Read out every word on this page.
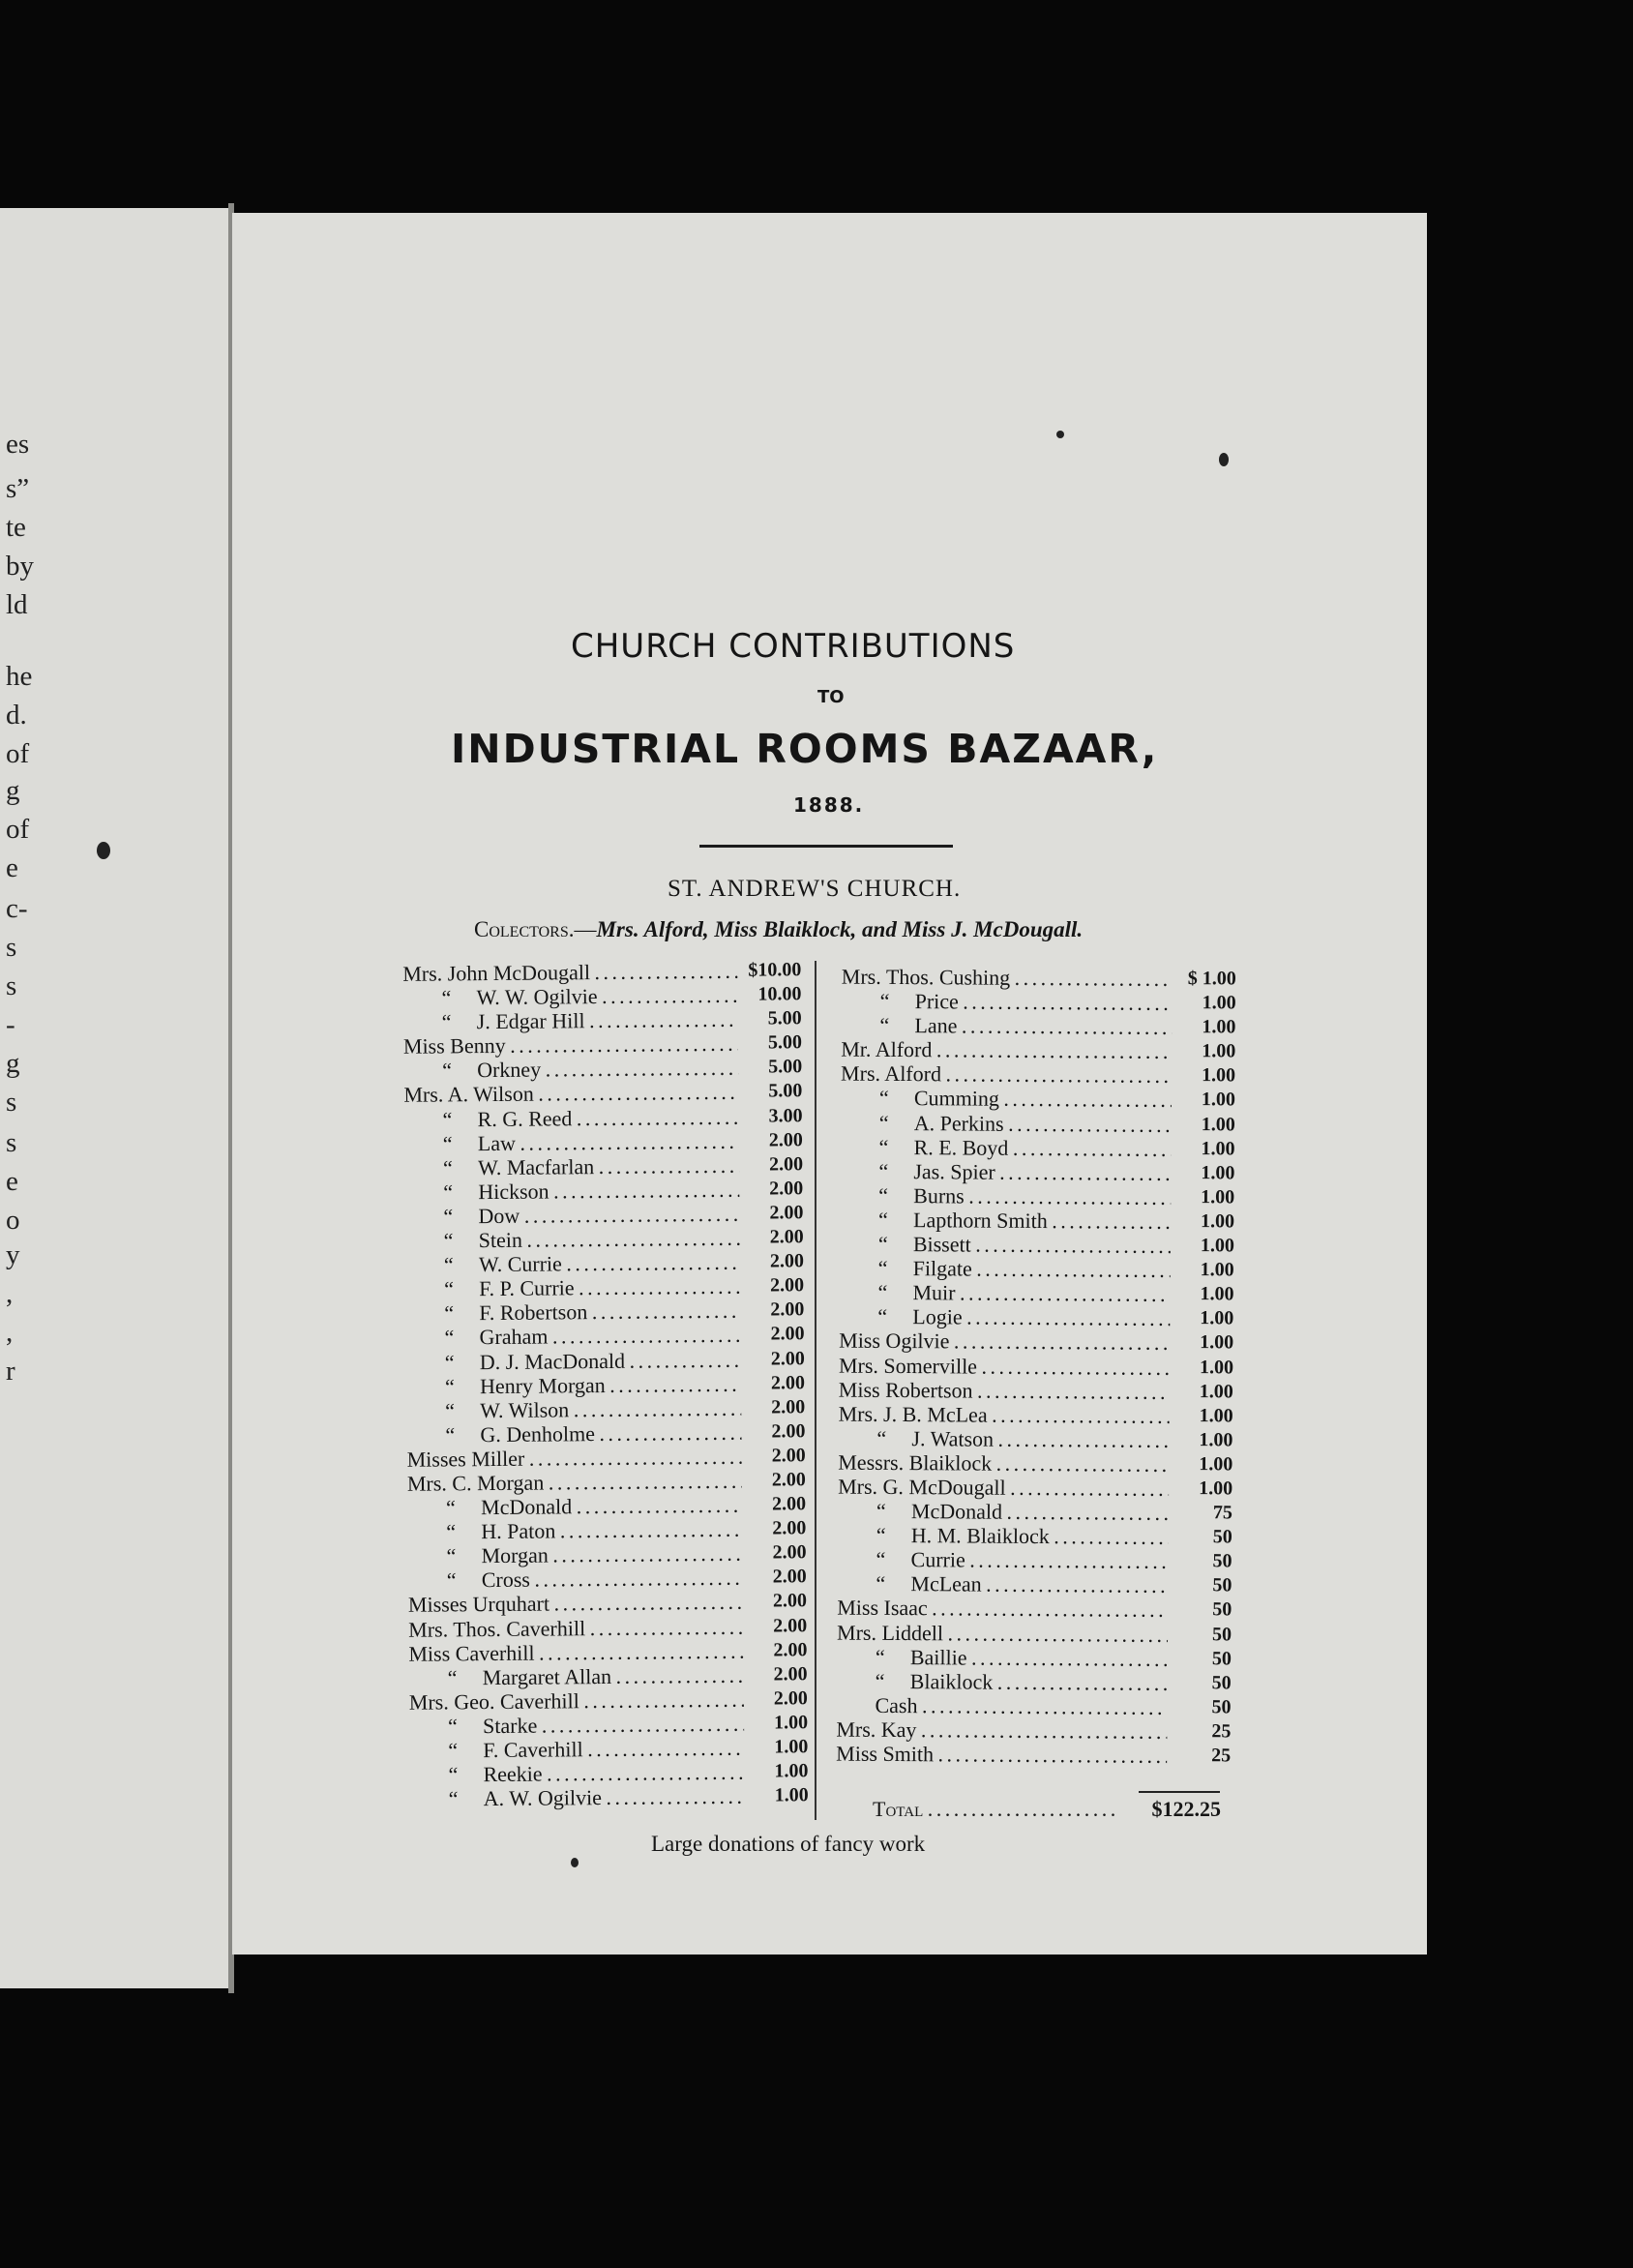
es
s”
te
by
ld
he
d.
of
g
of
e
c-
s
s
-
g
s
s
e
o
y
,
,
r
CHURCH CONTRIBUTIONS
TO
INDUSTRIAL ROOMS BAZAAR,
1888.
ST. ANDREW'S CHURCH.
Colectors.—Mrs. Alford, Miss Blaiklock, and Miss J. McDougall.
Mrs. John McDougall . . .	$10.00
“ W. W. Ogilvie . . .	10.00
“ J. Edgar Hill . . .	5.00
Miss Benny . . .	5.00
“ Orkney . . .	5.00
Mrs. A. Wilson . . .	5.00
“ R. G. Reed . . .	3.00
“ Law . . .	2.00
“ W. Macfarlan . . .	2.00
“ Hickson . . .	2.00
“ Dow . . .	2.00
“ Stein . . .	2.00
“ W. Currie . . .	2.00
“ F. P. Currie . . .	2.00
“ F. Robertson . . .	2.00
“ Graham . . .	2.00
“ D. J. MacDonald . . .	2.00
“ Henry Morgan . . .	2.00
“ W. Wilson . . .	2.00
“ G. Denholme . . .	2.00
Misses Miller . . .	2.00
Mrs. C. Morgan . . .	2.00
“ McDonald . . .	2.00
“ H. Paton . . .	2.00
“ Morgan . . .	2.00
“ Cross . . .	2.00
Misses Urquhart . . .	2.00
Mrs. Thos. Caverhill . . .	2.00
Miss Caverhill . . .	2.00
“ Margaret Allan . . .	2.00
Mrs. Geo. Caverhill . . .	2.00
“ Starke . . .	1.00
“ F. Caverhill . . .	1.00
“ Reekie . . .	1.00
“ A. W. Ogilvie . . .	1.00
Mrs. Thos. Cushing . . .	$ 1.00
“ Price . . .	1.00
“ Lane . . .	1.00
Mr. Alford . . .	1.00
Mrs. Alford . . .	1.00
“ Cumming . . .	1.00
“ A. Perkins . . .	1.00
“ R. E. Boyd . . .	1.00
“ Jas. Spier . . .	1.00
“ Burns . . .	1.00
“ Lapthorn Smith . . .	1.00
“ Bissett . . .	1.00
“ Filgate . . .	1.00
“ Muir . . .	1.00
“ Logie . . .	1.00
Miss Ogilvie . . .	1.00
Mrs. Somerville . . .	1.00
Miss Robertson . . .	1.00
Mrs. J. B. McLea . . .	1.00
“ J. Watson . . .	1.00
Messrs. Blaiklock . . .	1.00
Mrs. G. McDougall . . .	1.00
“ McDonald . . .	75
“ H. M. Blaiklock . . .	50
“ Currie . . .	50
“ McLean . . .	50
Miss Isaac . . .	50
Mrs. Liddell . . .	50
“ Baillie . . .	50
“ Blaiklock . . .	50
Cash . . .	50
Mrs. Kay . . .	25
Miss Smith . . .	25
Total . . .	$122.25
Large donations of fancy work
